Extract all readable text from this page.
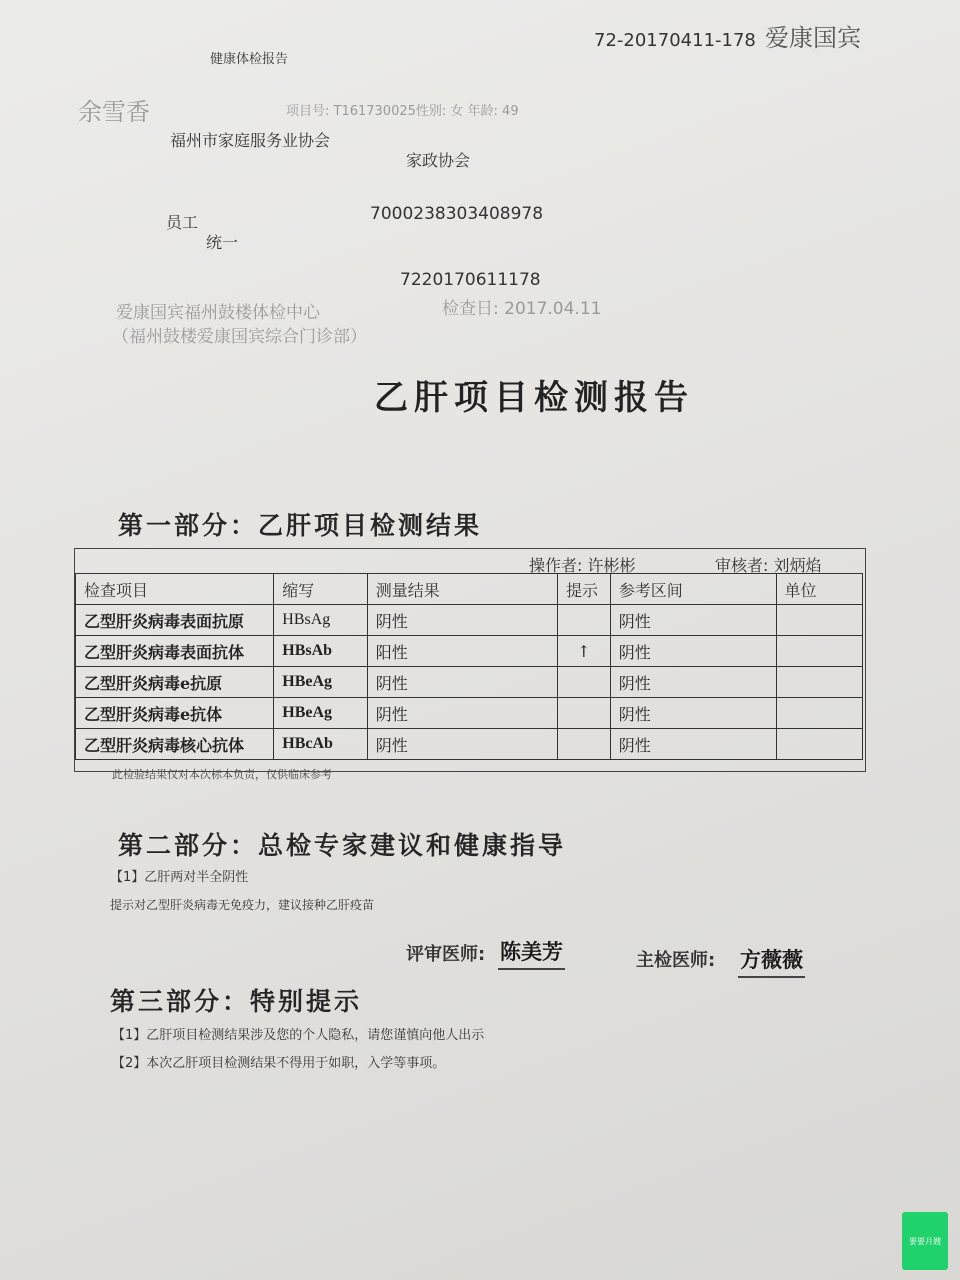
健康体检报告
72-20170411-178 爱康国宾
余雪香	项目号: T161730025性别: 女 年龄: 49
福州市家庭服务业协会
家政协会
员工	7000238303408978
统一
7220170611178
爱康国宾福州鼓楼体检中心	检查日: 2017.04.11
（福州鼓楼爱康国宾综合门诊部）
乙肝项目检测报告
第一部分：乙肝项目检测结果
操作者: 许彬彬	审核者: 刘炳焰
检查项目	缩写	测量结果	提示	参考区间	单位
乙型肝炎病毒表面抗原	HBsAg	阴性		阴性	
乙型肝炎病毒表面抗体	HBsAb	阳性	↑	阴性	
乙型肝炎病毒e抗原	HBeAg	阴性		阴性	
乙型肝炎病毒e抗体	HBeAg	阴性		阴性	
乙型肝炎病毒核心抗体	HBcAb	阴性		阴性	
此检验结果仅对本次标本负责，仅供临床参考
第二部分：总检专家建议和健康指导
【1】乙肝两对半全阴性
提示对乙型肝炎病毒无免疫力，建议接种乙肝疫苗
评审医师: 陈美芳	主检医师: 方薇薇
第三部分：特别提示
【1】乙肝项目检测结果涉及您的个人隐私，请您谨慎向他人出示
【2】本次乙肝项目检测结果不得用于如职，入学等事项。
要要月嫂
